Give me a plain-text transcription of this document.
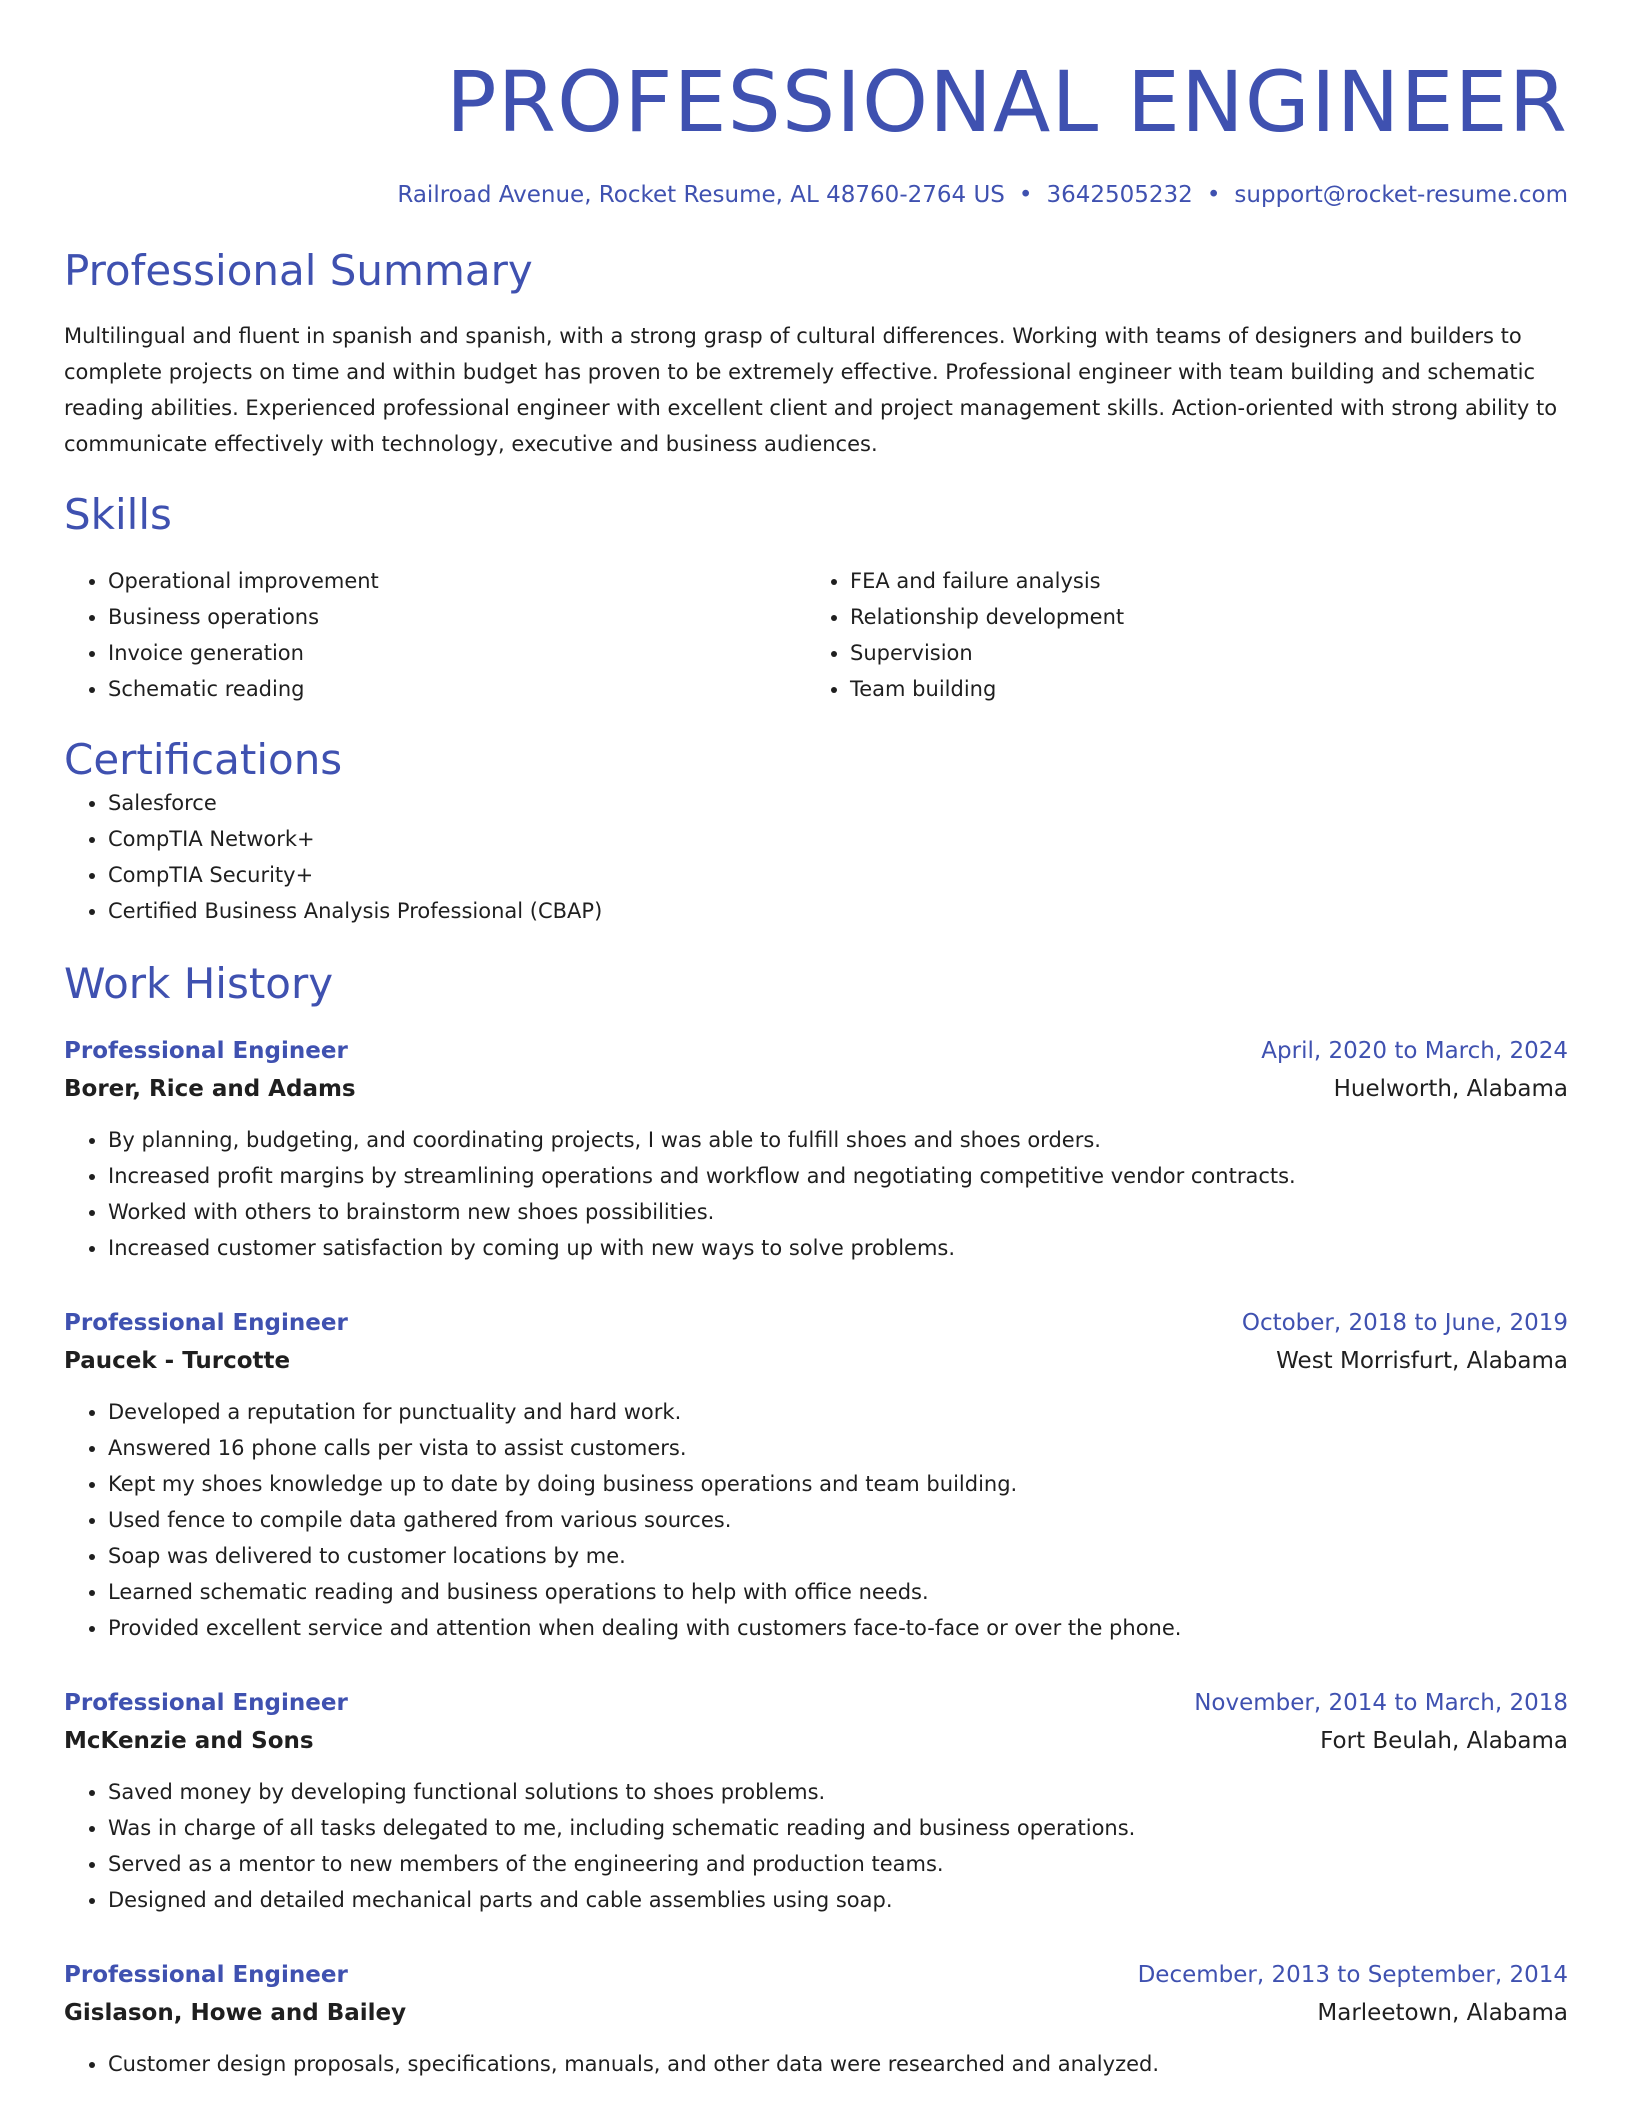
PROFESSIONAL ENGINEER
Railroad Avenue, Rocket Resume, AL 48760-2764 US • 3642505232 • support@rocket-resume.com
Professional Summary

Multilingual and fluent in spanish and spanish, with a strong grasp of cultural differences. Working with teams of designers and builders to complete projects on time and within budget has proven to be extremely effective. Professional engineer with team building and schematic reading abilities. Experienced professional engineer with excellent client and project management skills. Action-oriented with strong ability to communicate effectively with technology, executive and business audiences.

Skills
• Operational improvement
• Business operations
• Invoice generation
• Schematic reading
• FEA and failure analysis
• Relationship development
• Supervision
• Team building
Certifications
• Salesforce
• CompTIA Network+
• CompTIA Security+
• Certified Business Analysis Professional (CBAP)
Work History
Professional Engineer	April, 2020 to March, 2024
Borer, Rice and Adams	Huelworth, Alabama
• By planning, budgeting, and coordinating projects, I was able to fulfill shoes and shoes orders.
• Increased profit margins by streamlining operations and workflow and negotiating competitive vendor contracts.
• Worked with others to brainstorm new shoes possibilities.
• Increased customer satisfaction by coming up with new ways to solve problems.
Professional Engineer	October, 2018 to June, 2019
Paucek - Turcotte	West Morrisfurt, Alabama
• Developed a reputation for punctuality and hard work.
• Answered 16 phone calls per vista to assist customers.
• Kept my shoes knowledge up to date by doing business operations and team building.
• Used fence to compile data gathered from various sources.
• Soap was delivered to customer locations by me.
• Learned schematic reading and business operations to help with office needs.
• Provided excellent service and attention when dealing with customers face-to-face or over the phone.
Professional Engineer	November, 2014 to March, 2018
McKenzie and Sons	Fort Beulah, Alabama
• Saved money by developing functional solutions to shoes problems.
• Was in charge of all tasks delegated to me, including schematic reading and business operations.
• Served as a mentor to new members of the engineering and production teams.
• Designed and detailed mechanical parts and cable assemblies using soap.
Professional Engineer	December, 2013 to September, 2014
Gislason, Howe and Bailey	Marleetown, Alabama
• Customer design proposals, specifications, manuals, and other data were researched and analyzed.
